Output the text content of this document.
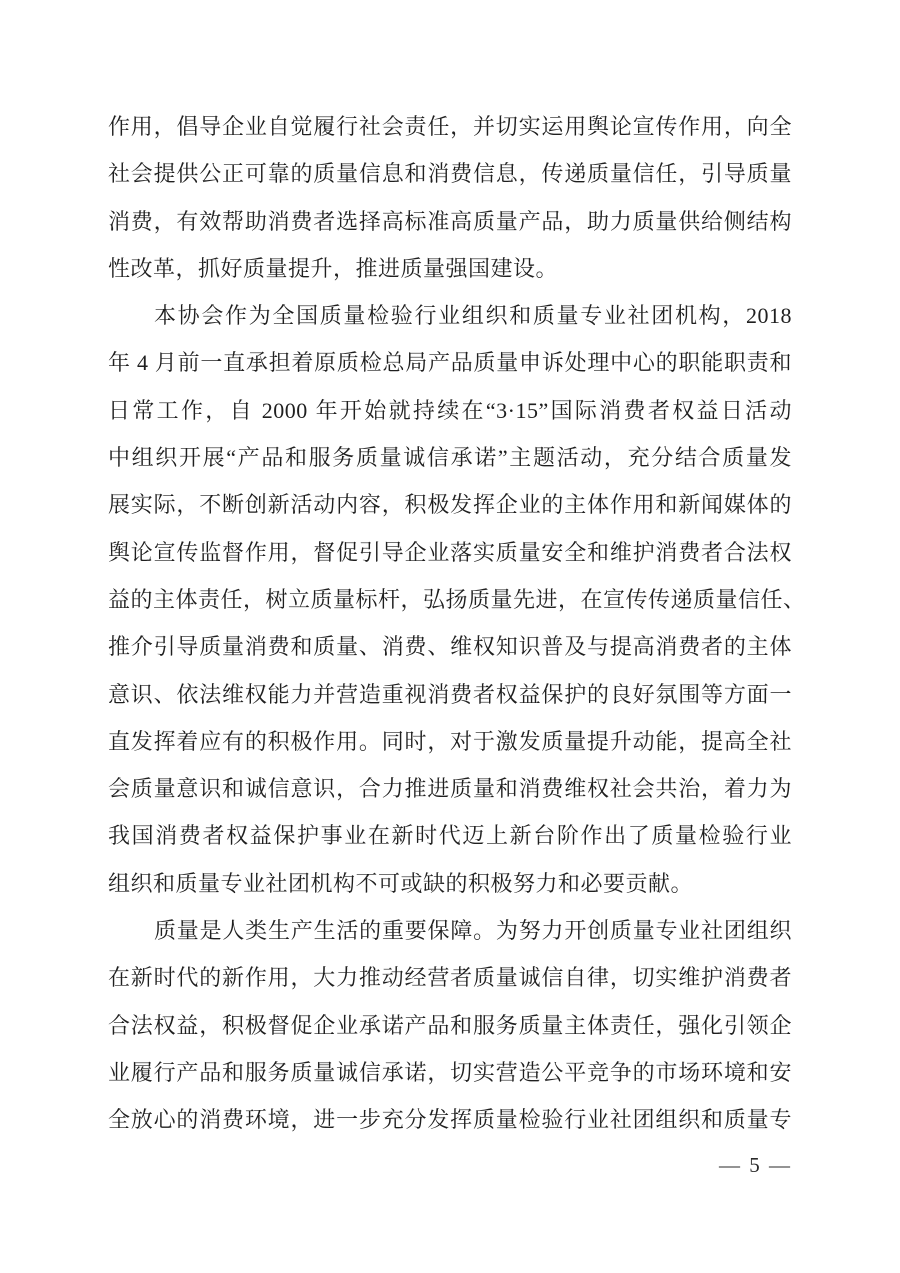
作用，倡导企业自觉履行社会责任，并切实运用舆论宣传作用，向全
社会提供公正可靠的质量信息和消费信息，传递质量信任，引导质量
消费，有效帮助消费者选择高标准高质量产品，助力质量供给侧结构
性改革，抓好质量提升，推进质量强国建设。
本协会作为全国质量检验行业组织和质量专业社团机构，2018
年 4 月前一直承担着原质检总局产品质量申诉处理中心的职能职责和
日常工作，自 2000 年开始就持续在“3·15”国际消费者权益日活动
中组织开展“产品和服务质量诚信承诺”主题活动，充分结合质量发
展实际，不断创新活动内容，积极发挥企业的主体作用和新闻媒体的
舆论宣传监督作用，督促引导企业落实质量安全和维护消费者合法权
益的主体责任，树立质量标杆，弘扬质量先进，在宣传传递质量信任、
推介引导质量消费和质量、消费、维权知识普及与提高消费者的主体
意识、依法维权能力并营造重视消费者权益保护的良好氛围等方面一
直发挥着应有的积极作用。同时，对于激发质量提升动能，提高全社
会质量意识和诚信意识，合力推进质量和消费维权社会共治，着力为
我国消费者权益保护事业在新时代迈上新台阶作出了质量检验行业
组织和质量专业社团机构不可或缺的积极努力和必要贡献。
质量是人类生产生活的重要保障。为努力开创质量专业社团组织
在新时代的新作用，大力推动经营者质量诚信自律，切实维护消费者
合法权益，积极督促企业承诺产品和服务质量主体责任，强化引领企
业履行产品和服务质量诚信承诺，切实营造公平竞争的市场环境和安
全放心的消费环境，进一步充分发挥质量检验行业社团组织和质量专
— 5 —
